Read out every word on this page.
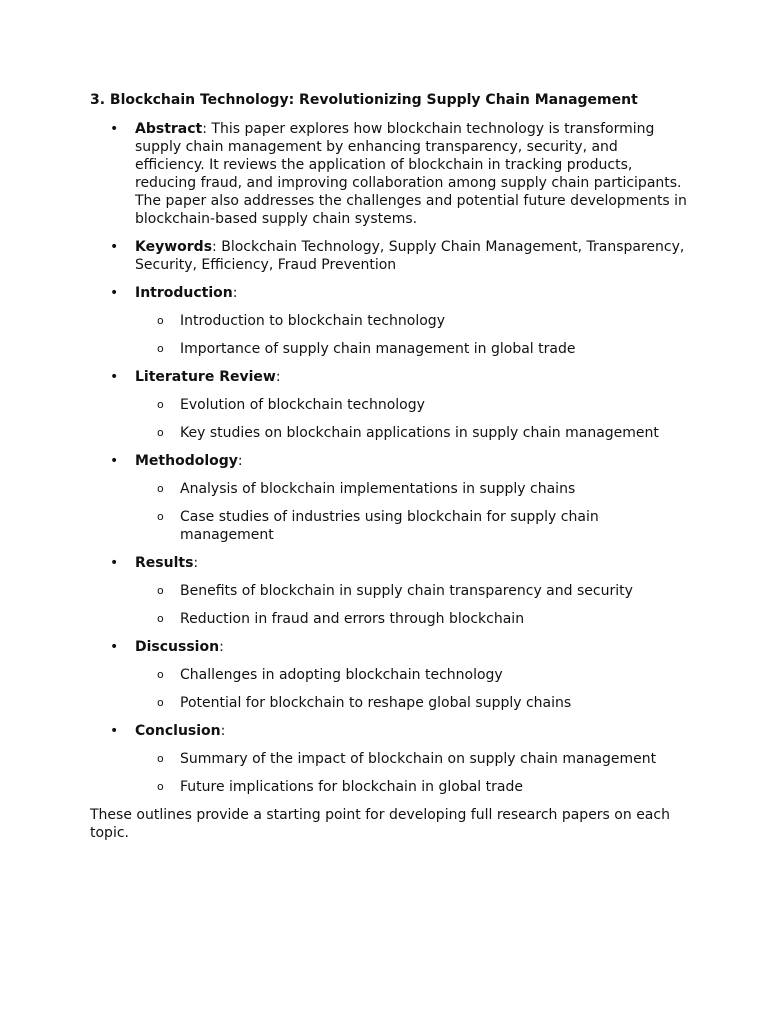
3. Blockchain Technology: Revolutionizing Supply Chain Management

• Abstract: This paper explores how blockchain technology is transforming supply chain management by enhancing transparency, security, and efficiency. It reviews the application of blockchain in tracking products, reducing fraud, and improving collaboration among supply chain participants. The paper also addresses the challenges and potential future developments in blockchain-based supply chain systems.
• Keywords: Blockchain Technology, Supply Chain Management, Transparency, Security, Efficiency, Fraud Prevention
• Introduction:
o Introduction to blockchain technology
o Importance of supply chain management in global trade
• Literature Review:
o Evolution of blockchain technology
o Key studies on blockchain applications in supply chain management
• Methodology:
o Analysis of blockchain implementations in supply chains
o Case studies of industries using blockchain for supply chain management
• Results:
o Benefits of blockchain in supply chain transparency and security
o Reduction in fraud and errors through blockchain
• Discussion:
o Challenges in adopting blockchain technology
o Potential for blockchain to reshape global supply chains
• Conclusion:
o Summary of the impact of blockchain on supply chain management
o Future implications for blockchain in global trade

These outlines provide a starting point for developing full research papers on each topic.
